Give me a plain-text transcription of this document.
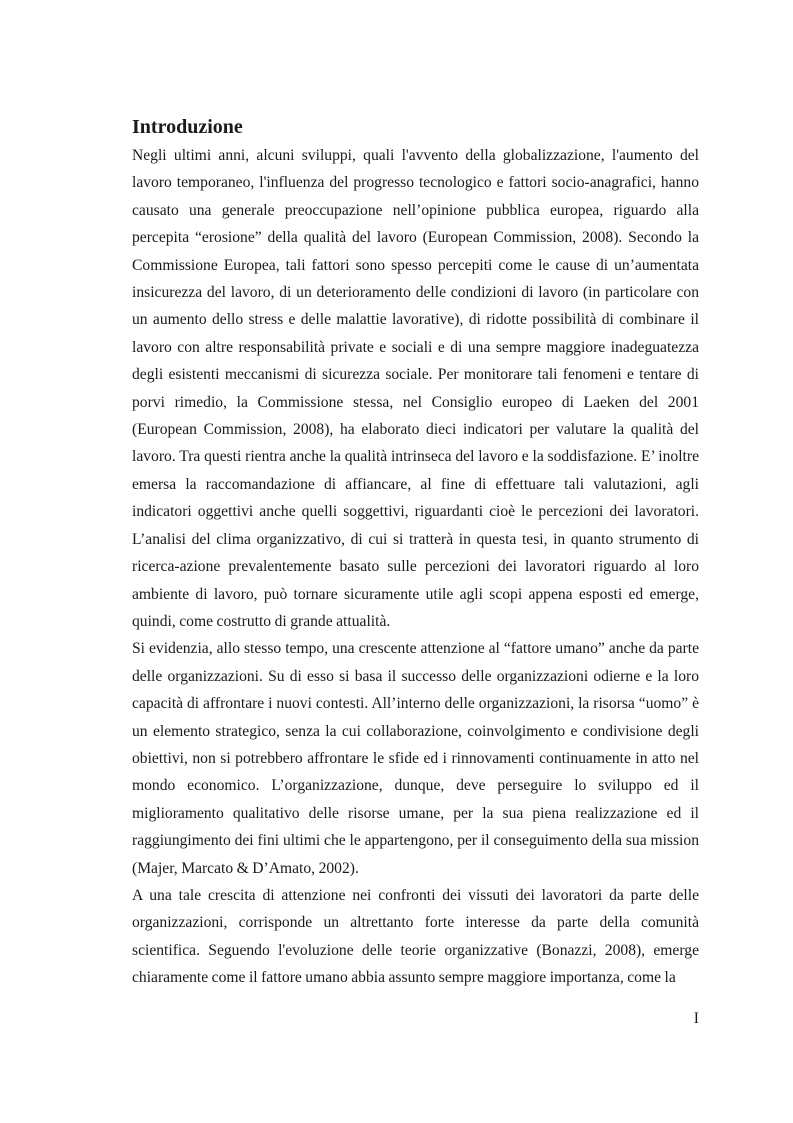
Introduzione

Negli ultimi anni, alcuni sviluppi, quali l'avvento della globalizzazione, l'aumento del lavoro temporaneo, l'influenza del progresso tecnologico e fattori socio-anagrafici, hanno causato una generale preoccupazione nell’opinione pubblica europea, riguardo alla percepita “erosione” della qualità del lavoro (European Commission, 2008). Secondo la Commissione Europea, tali fattori sono spesso percepiti come le cause di un’aumentata insicurezza del lavoro, di un deterioramento delle condizioni di lavoro (in particolare con un aumento dello stress e delle malattie lavorative), di ridotte possibilità di combinare il lavoro con altre responsabilità private e sociali e di una sempre maggiore inadeguatezza degli esistenti meccanismi di sicurezza sociale. Per monitorare tali fenomeni e tentare di porvi rimedio, la Commissione stessa, nel Consiglio europeo di Laeken del 2001 (European Commission, 2008), ha elaborato dieci indicatori per valutare la qualità del lavoro. Tra questi rientra anche la qualità intrinseca del lavoro e la soddisfazione. E’ inoltre emersa la raccomandazione di affiancare, al fine di effettuare tali valutazioni, agli indicatori oggettivi anche quelli soggettivi, riguardanti cioè le percezioni dei lavoratori. L’analisi del clima organizzativo, di cui si tratterà in questa tesi, in quanto strumento di ricerca-azione prevalentemente basato sulle percezioni dei lavoratori riguardo al loro ambiente di lavoro, può tornare sicuramente utile agli scopi appena esposti ed emerge, quindi, come costrutto di grande attualità.

Si evidenzia, allo stesso tempo, una crescente attenzione al “fattore umano” anche da parte delle organizzazioni. Su di esso si basa il successo delle organizzazioni odierne e la loro capacità di affrontare i nuovi contesti. All’interno delle organizzazioni, la risorsa “uomo” è un elemento strategico, senza la cui collaborazione, coinvolgimento e condivisione degli obiettivi, non si potrebbero affrontare le sfide ed i rinnovamenti continuamente in atto nel mondo economico. L’organizzazione, dunque, deve perseguire lo sviluppo ed il miglioramento qualitativo delle risorse umane, per la sua piena realizzazione ed il raggiungimento dei fini ultimi che le appartengono, per il conseguimento della sua mission (Majer, Marcato & D’Amato, 2002).

A una tale crescita di attenzione nei confronti dei vissuti dei lavoratori da parte delle organizzazioni, corrisponde un altrettanto forte interesse da parte della comunità scientifica. Seguendo l'evoluzione delle teorie organizzative (Bonazzi, 2008), emerge chiaramente come il fattore umano abbia assunto sempre maggiore importanza, come la

I
